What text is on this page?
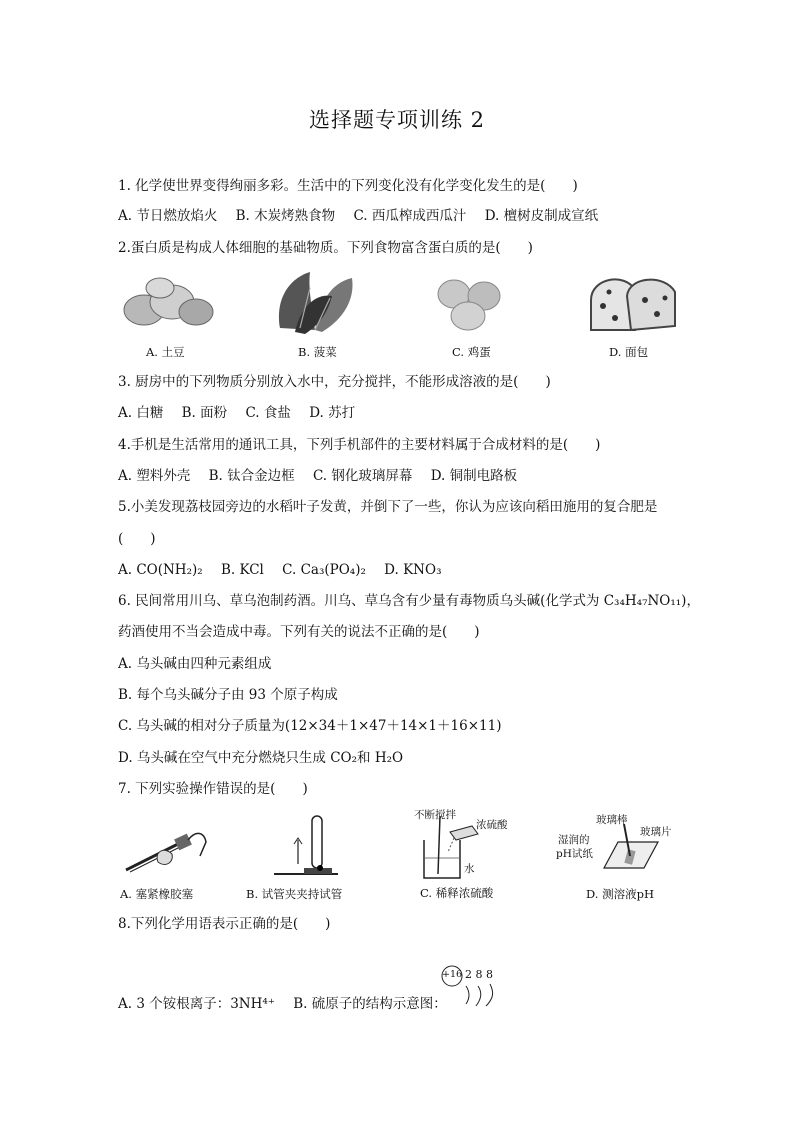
选择题专项训练 2
1. 化学使世界变得绚丽多彩。生活中的下列变化没有化学变化发生的是(　　)
A. 节日燃放焰火 B. 木炭烤熟食物 C. 西瓜榨成西瓜汁 D. 檀树皮制成宣纸
2.蛋白质是构成人体细胞的基础物质。下列食物富含蛋白质的是(　　)
A. 土豆	B. 菠菜	C. 鸡蛋	D. 面包
3. 厨房中的下列物质分别放入水中，充分搅拌，不能形成溶液的是(　　)
A. 白糖 B. 面粉 C. 食盐 D. 苏打
4.手机是生活常用的通讯工具，下列手机部件的主要材料属于合成材料的是(　　)
A. 塑料外壳 B. 钛合金边框 C. 钢化玻璃屏幕 D. 铜制电路板
5.小美发现荔枝园旁边的水稻叶子发黄，并倒下了一些，你认为应该向稻田施用的复合肥是
(　　)
A. CO(NH₂)₂ B. KCl C. Ca₃(PO₄)₂ D. KNO₃
6. 民间常用川乌、草乌泡制药酒。川乌、草乌含有少量有毒物质乌头碱(化学式为 C₃₄H₄₇NO₁₁)，
药酒使用不当会造成中毒。下列有关的说法不正确的是(　　)
A. 乌头碱由四种元素组成
B. 每个乌头碱分子由 93 个原子构成
C. 乌头碱的相对分子质量为(12×34＋1×47＋14×1＋16×11)
D. 乌头碱在空气中充分燃烧只生成 CO₂和 H₂O
7. 下列实验操作错误的是(　　)
不断搅拌
浓硫酸
水
玻璃棒
玻璃片
湿润的
pH试纸
A. 塞紧橡胶塞	B. 试管夹夹持试管	C. 稀释浓硫酸	D. 测溶液pH
8.下列化学用语表示正确的是(　　)
+16 2 8 8
A. 3 个铵根离子：3NH⁴⁺ B. 硫原子的结构示意图：
